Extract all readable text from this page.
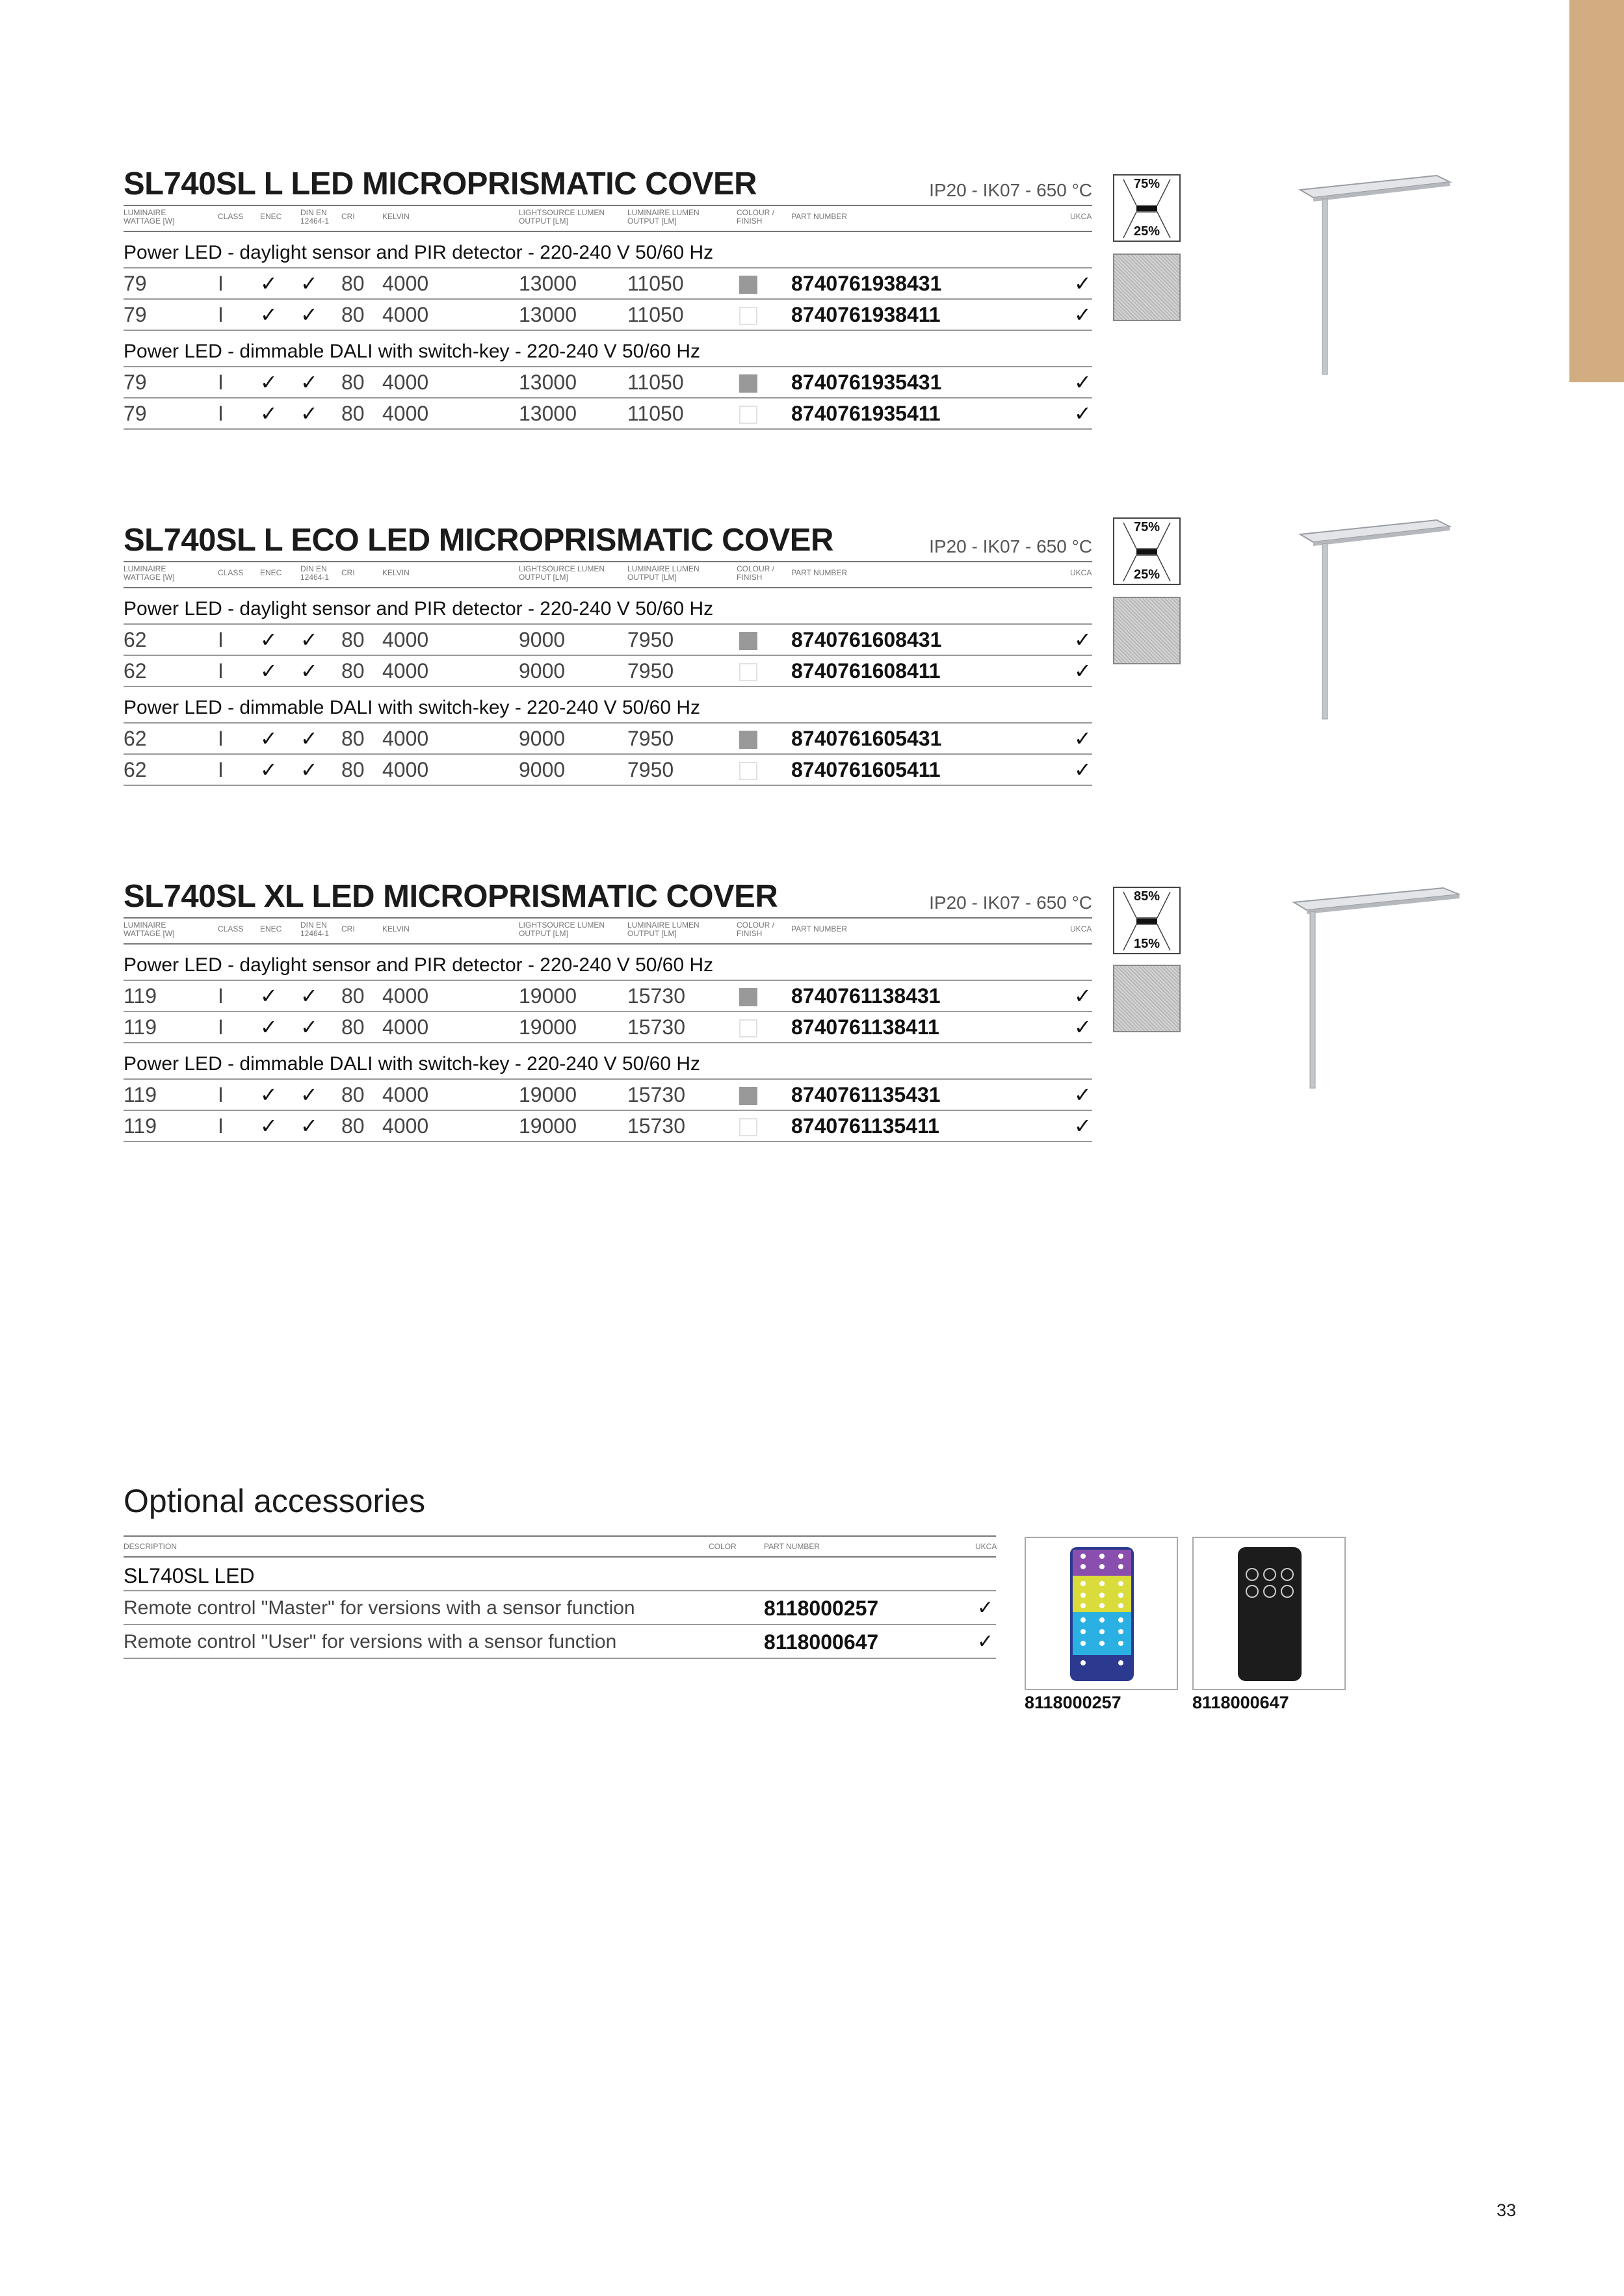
SL740SL L LED MICROPRISMATIC COVER	IP20 - IK07 - 650 °C
LUMINAIRE
WATTAGE [W]	CLASS ENEC DIN EN
12464-1 CRI	KELVIN	LIGHTSOURCE LUMEN
OUTPUT [LM]
LUMINAIRE LUMEN
OUTPUT [LM]
COLOUR /
FINISH	PART NUMBER	UKCA
Power LED - daylight sensor and PIR detector - 220-240 V 50/60 Hz
79	I ✓ ✓ 80 4000	13000 11050	8740761938431	✓
79	I ✓ ✓ 80 4000	13000 11050	8740761938411	✓
Power LED - dimmable DALI with switch-key - 220-240 V 50/60 Hz
79	I ✓ ✓ 80 4000	13000 11050	8740761935431	✓
79	I ✓ ✓ 80 4000	13000 11050	8740761935411	✓
SL740SL L ECO LED MICROPRISMATIC COVER	IP20 - IK07 - 650 °C
LUMINAIRE
WATTAGE [W]	CLASS ENEC DIN EN
12464-1 CRI	KELVIN	LIGHTSOURCE LUMEN
OUTPUT [LM]
LUMINAIRE LUMEN
OUTPUT [LM]
COLOUR /
FINISH	PART NUMBER	UKCA
Power LED - daylight sensor and PIR detector - 220-240 V 50/60 Hz
62	I ✓ ✓ 80 4000	9000	7950	8740761608431	✓
62	I ✓ ✓ 80 4000	9000	7950	8740761608411	✓
Power LED - dimmable DALI with switch-key - 220-240 V 50/60 Hz
62	I ✓ ✓ 80 4000	9000	7950	8740761605431	✓
62	I ✓ ✓ 80 4000	9000	7950	8740761605411	✓
SL740SL XL LED MICROPRISMATIC COVER	IP20 - IK07 - 650 °C
LUMINAIRE
WATTAGE [W]	CLASS ENEC DIN EN
12464-1 CRI	KELVIN	LIGHTSOURCE LUMEN
OUTPUT [LM]
LUMINAIRE LUMEN
OUTPUT [LM]
COLOUR /
FINISH	PART NUMBER	UKCA
Power LED - daylight sensor and PIR detector - 220-240 V 50/60 Hz
119	I ✓ ✓ 80 4000	19000 15730	8740761138431	✓
119	I ✓ ✓ 80 4000	19000 15730	8740761138411	✓
Power LED - dimmable DALI with switch-key - 220-240 V 50/60 Hz
119	I ✓ ✓ 80 4000	19000 15730	8740761135431	✓
119	I ✓ ✓ 80 4000	19000 15730	8740761135411	✓
75%
25%
75%
25%
85%
15%
Optional accessories
DESCRIPTION	COLOR	PART NUMBER	UKCA
SL740SL LED
Remote control "Master" for versions with a sensor function	8118000257	✓
Remote control "User" for versions with a sensor function	8118000647	✓
8118000257	8118000647
33
